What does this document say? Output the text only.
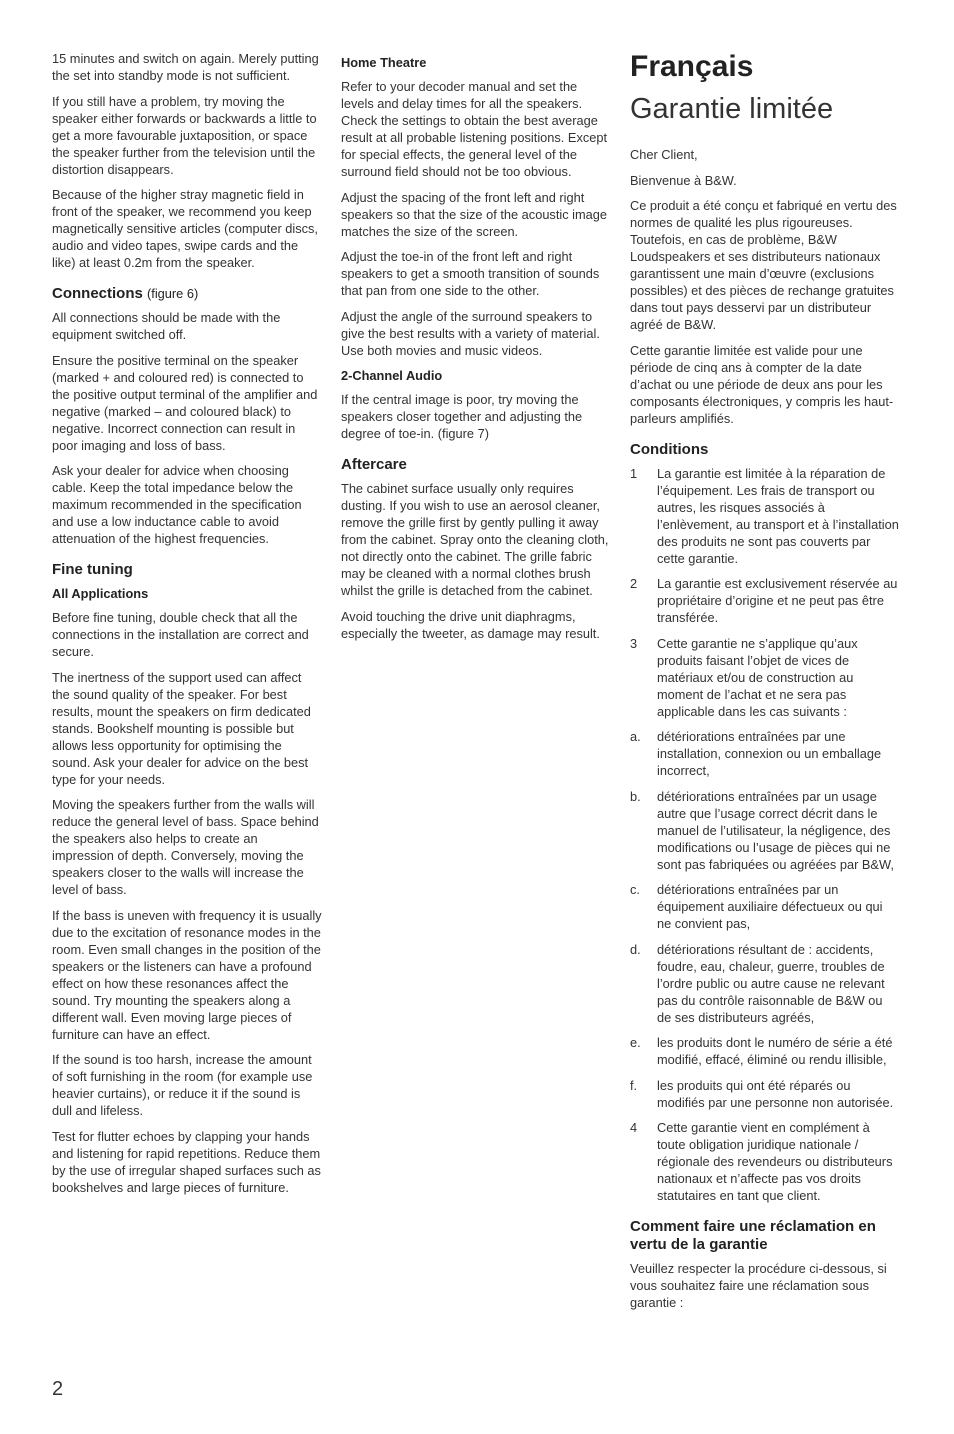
15 minutes and switch on again. Merely putting the set into standby mode is not sufficient.

If you still have a problem, try moving the speaker either forwards or backwards a little to get a more favourable juxtaposition, or space the speaker further from the television until the distortion disappears.

Because of the higher stray magnetic field in front of the speaker, we recommend you keep magnetically sensitive articles (computer discs, audio and video tapes, swipe cards and the like) at least 0.2m from the speaker.

Connections (figure 6)

All connections should be made with the equipment switched off.

Ensure the positive terminal on the speaker (marked + and coloured red) is connected to the positive output terminal of the amplifier and negative (marked – and coloured black) to negative. Incorrect connection can result in poor imaging and loss of bass.

Ask your dealer for advice when choosing cable. Keep the total impedance below the maximum recommended in the specification and use a low inductance cable to avoid attenuation of the highest frequencies.

Fine tuning
All Applications

Before fine tuning, double check that all the connections in the installation are correct and secure.

The inertness of the support used can affect the sound quality of the speaker. For best results, mount the speakers on firm dedicated stands. Bookshelf mounting is possible but allows less opportunity for optimising the sound. Ask your dealer for advice on the best type for your needs.

Moving the speakers further from the walls will reduce the general level of bass. Space behind the speakers also helps to create an impression of depth. Conversely, moving the speakers closer to the walls will increase the level of bass.

If the bass is uneven with frequency it is usually due to the excitation of resonance modes in the room. Even small changes in the position of the speakers or the listeners can have a profound effect on how these resonances affect the sound. Try mounting the speakers along a different wall. Even moving large pieces of furniture can have an effect.

If the sound is too harsh, increase the amount of soft furnishing in the room (for example use heavier curtains), or reduce it if the sound is dull and lifeless.

Test for flutter echoes by clapping your hands and listening for rapid repetitions. Reduce them by the use of irregular shaped surfaces such as bookshelves and large pieces of furniture.

Home Theatre

Refer to your decoder manual and set the levels and delay times for all the speakers. Check the settings to obtain the best average result at all probable listening positions. Except for special effects, the general level of the surround field should not be too obvious.

Adjust the spacing of the front left and right speakers so that the size of the acoustic image matches the size of the screen.

Adjust the toe-in of the front left and right speakers to get a smooth transition of sounds that pan from one side to the other.

Adjust the angle of the surround speakers to give the best results with a variety of material. Use both movies and music videos.

2-Channel Audio

If the central image is poor, try moving the speakers closer together and adjusting the degree of toe-in. (figure 7)

Aftercare

The cabinet surface usually only requires dusting. If you wish to use an aerosol cleaner, remove the grille first by gently pulling it away from the cabinet. Spray onto the cleaning cloth, not directly onto the cabinet. The grille fabric may be cleaned with a normal clothes brush whilst the grille is detached from the cabinet.

Avoid touching the drive unit diaphragms, especially the tweeter, as damage may result.

Français
Garantie limitée

Cher Client,

Bienvenue à B&W.

Ce produit a été conçu et fabriqué en vertu des normes de qualité les plus rigoureuses. Toutefois, en cas de problème, B&W Loudspeakers et ses distributeurs nationaux garantissent une main d’œuvre (exclusions possibles) et des pièces de rechange gratuites dans tout pays desservi par un distributeur agréé de B&W.

Cette garantie limitée est valide pour une période de cinq ans à compter de la date d’achat ou une période de deux ans pour les composants électroniques, y compris les haut-parleurs amplifiés.

Conditions
1	La garantie est limitée à la réparation de l’équipement. Les frais de transport ou autres, les risques associés à l’enlèvement, au transport et à l’installation des produits ne sont pas couverts par cette garantie.
2	La garantie est exclusivement réservée au propriétaire d’origine et ne peut pas être transférée.
3	Cette garantie ne s’applique qu’aux produits faisant l’objet de vices de matériaux et/ou de construction au moment de l’achat et ne sera pas applicable dans les cas suivants :
a.	détériorations entraînées par une installation, connexion ou un emballage incorrect,
b.	détériorations entraînées par un usage autre que l’usage correct décrit dans le manuel de l’utilisateur, la négligence, des modifications ou l’usage de pièces qui ne sont pas fabriquées ou agréées par B&W,
c.	détériorations entraînées par un équipement auxiliaire défectueux ou qui ne convient pas,
d.	détériorations résultant de : accidents, foudre, eau, chaleur, guerre, troubles de l’ordre public ou autre cause ne relevant pas du contrôle raisonnable de B&W ou de ses distributeurs agréés,
e.	les produits dont le numéro de série a été modifié, effacé, éliminé ou rendu illisible,
f.	les produits qui ont été réparés ou modifiés par une personne non autorisée.
4	Cette garantie vient en complément à toute obligation juridique nationale / régionale des revendeurs ou distributeurs nationaux et n’affecte pas vos droits statutaires en tant que client.
Comment faire une réclamation en vertu de la garantie

Veuillez respecter la procédure ci-dessous, si vous souhaitez faire une réclamation sous garantie :

2
